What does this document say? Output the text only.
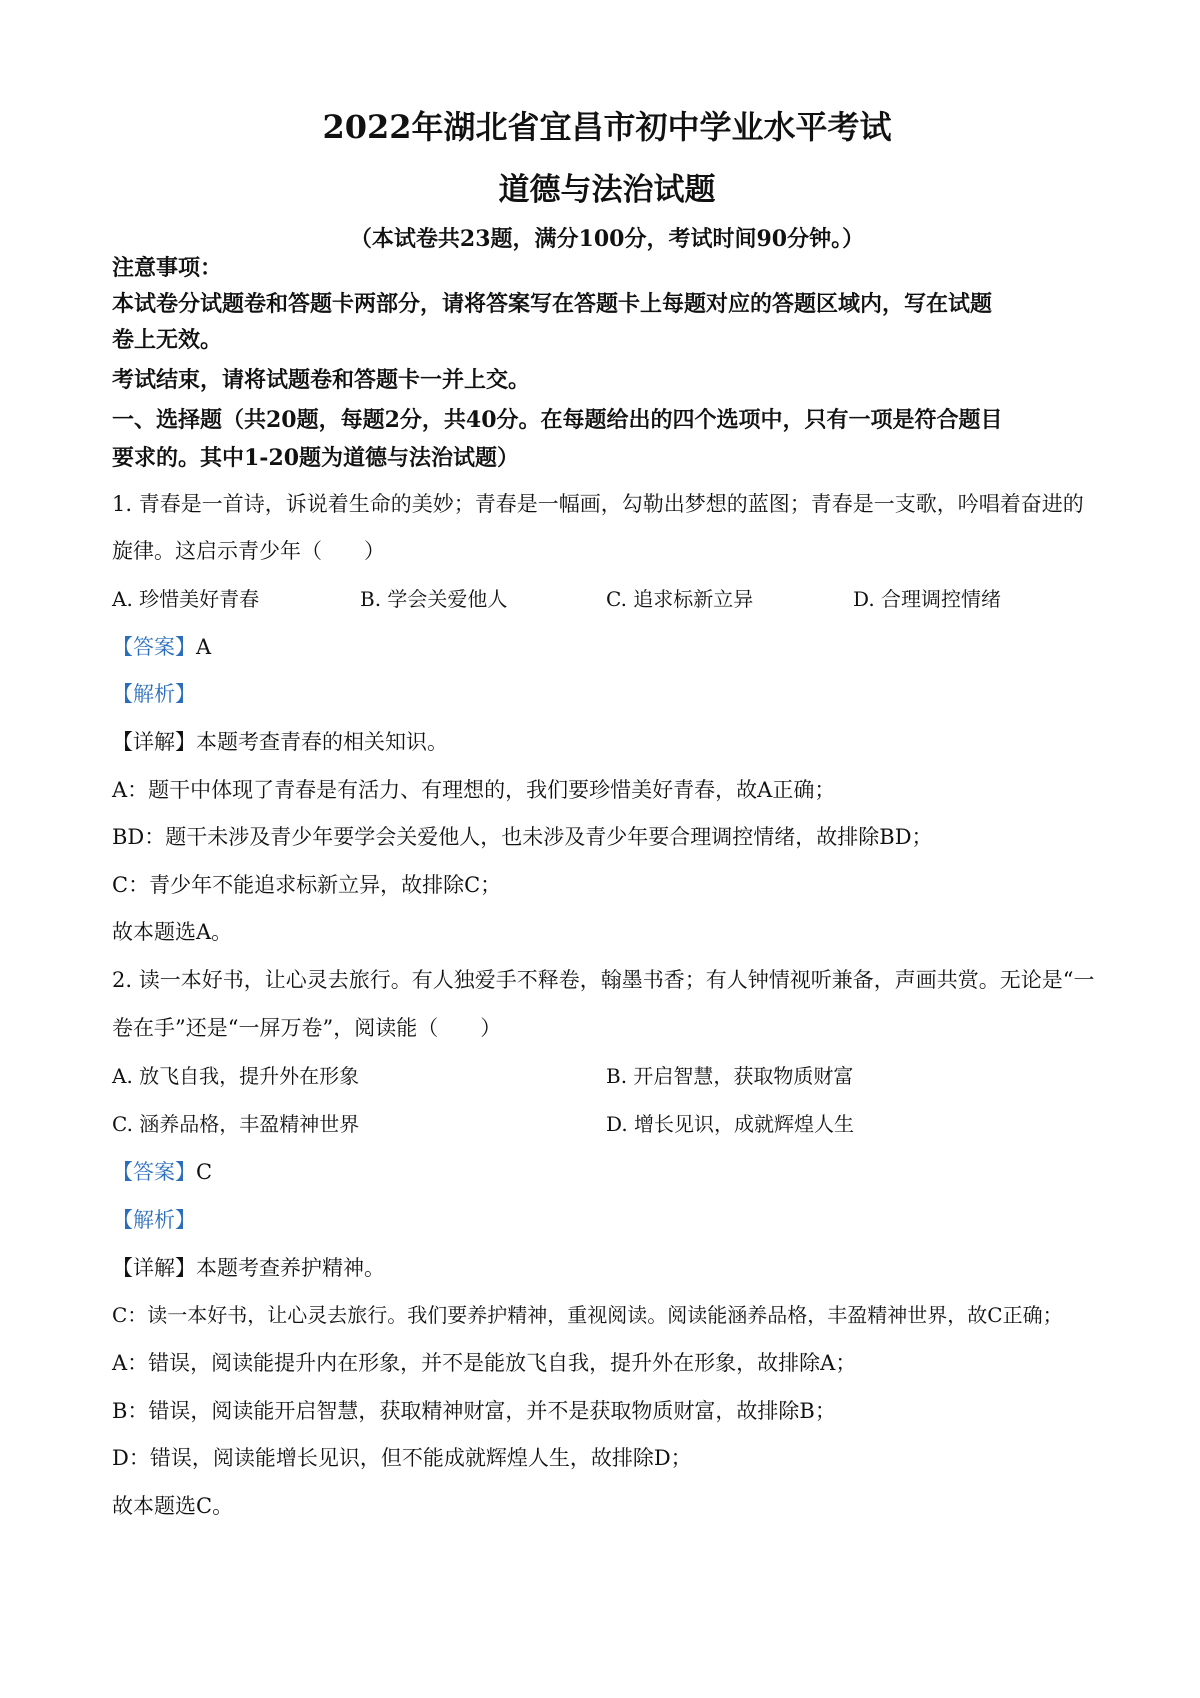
2022年湖北省宜昌市初中学业水平考试
道德与法治试题
（本试卷共23题，满分100分，考试时间90分钟。）
注意事项：
本试卷分试题卷和答题卡两部分，请将答案写在答题卡上每题对应的答题区域内，写在试题
卷上无效。
考试结束，请将试题卷和答题卡一并上交。
一、选择题（共20题，每题2分，共40分。在每题给出的四个选项中，只有一项是符合题目
要求的。其中1-20题为道德与法治试题）
1. 青春是一首诗，诉说着生命的美妙；青春是一幅画，勾勒出梦想的蓝图；青春是一支歌，吟唱着奋进的
旋律。这启示青少年（　　）
A. 珍惜美好青春	B. 学会关爱他人	C. 追求标新立异	D. 合理调控情绪
【答案】A
【解析】
【详解】本题考查青春的相关知识。
A：题干中体现了青春是有活力、有理想的，我们要珍惜美好青春，故A正确；
BD：题干未涉及青少年要学会关爱他人，也未涉及青少年要合理调控情绪，故排除BD；
C：青少年不能追求标新立异，故排除C；
故本题选A。
2. 读一本好书，让心灵去旅行。有人独爱手不释卷，翰墨书香；有人钟情视听兼备，声画共赏。无论是“一
卷在手”还是“一屏万卷”，阅读能（　　）
A. 放飞自我，提升外在形象	B. 开启智慧，获取物质财富
C. 涵养品格，丰盈精神世界	D. 增长见识，成就辉煌人生
【答案】C
【解析】
【详解】本题考查养护精神。
C：读一本好书，让心灵去旅行。我们要养护精神，重视阅读。阅读能涵养品格，丰盈精神世界，故C正确；
A：错误，阅读能提升内在形象，并不是能放飞自我，提升外在形象，故排除A；
B：错误，阅读能开启智慧，获取精神财富，并不是获取物质财富，故排除B；
D：错误，阅读能增长见识，但不能成就辉煌人生，故排除D；
故本题选C。
